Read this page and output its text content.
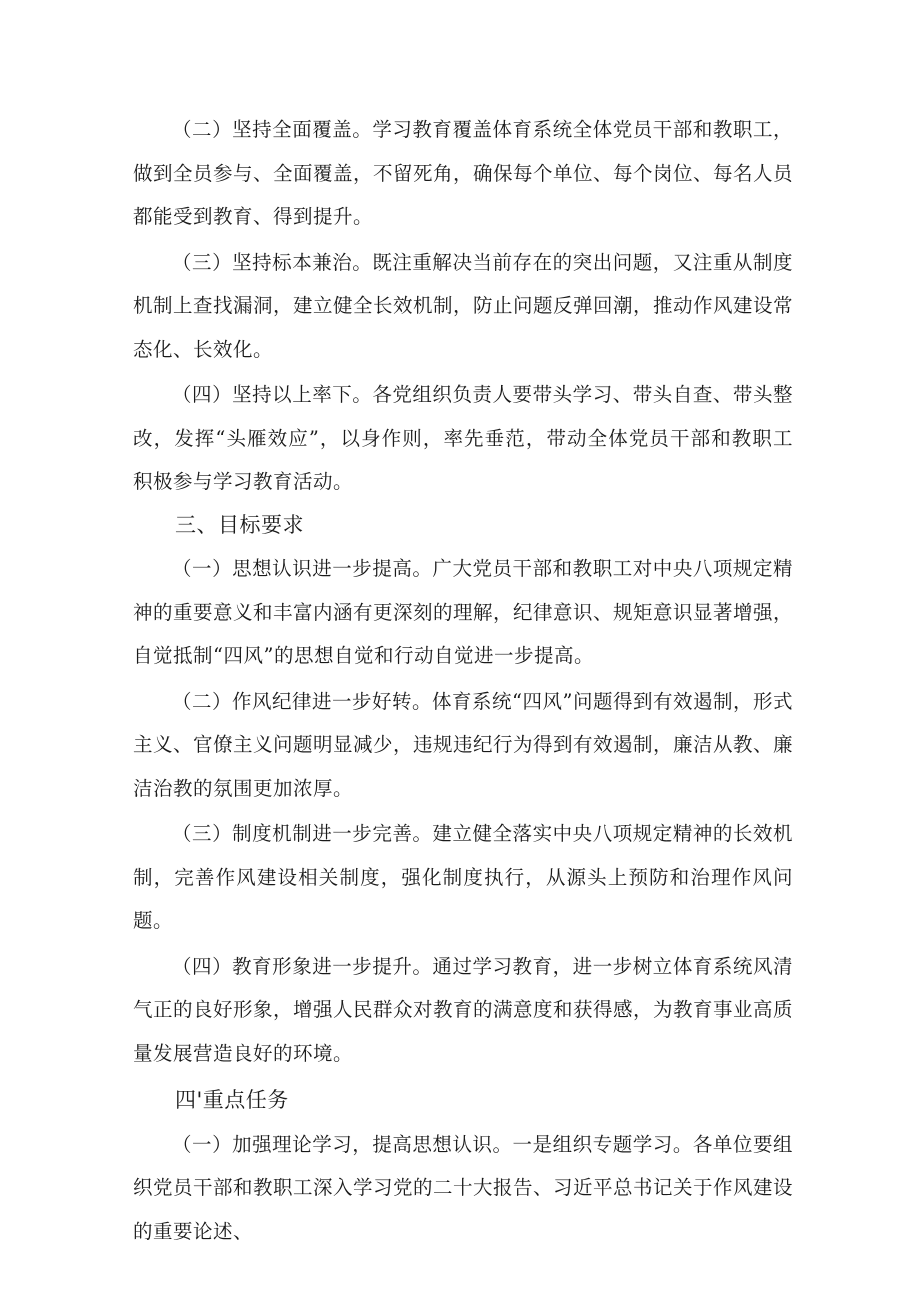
（二）坚持全面覆盖。学习教育覆盖体育系统全体党员干部和教职工，做到全员参与、全面覆盖，不留死角，确保每个单位、每个岗位、每名人员都能受到教育、得到提升。

（三）坚持标本兼治。既注重解决当前存在的突出问题，又注重从制度机制上查找漏洞，建立健全长效机制，防止问题反弹回潮，推动作风建设常态化、长效化。

（四）坚持以上率下。各党组织负责人要带头学习、带头自查、带头整改，发挥“头雁效应”，以身作则，率先垂范，带动全体党员干部和教职工积极参与学习教育活动。

三、目标要求

（一）思想认识进一步提高。广大党员干部和教职工对中央八项规定精神的重要意义和丰富内涵有更深刻的理解，纪律意识、规矩意识显著增强，自觉抵制“四风”的思想自觉和行动自觉进一步提高。

（二）作风纪律进一步好转。体育系统“四风”问题得到有效遏制，形式主义、官僚主义问题明显减少，违规违纪行为得到有效遏制，廉洁从教、廉洁治教的氛围更加浓厚。

（三）制度机制进一步完善。建立健全落实中央八项规定精神的长效机制，完善作风建设相关制度，强化制度执行，从源头上预防和治理作风问题。

（四）教育形象进一步提升。通过学习教育，进一步树立体育系统风清气正的良好形象，增强人民群众对教育的满意度和获得感，为教育事业高质量发展营造良好的环境。

四'重点任务

（一）加强理论学习，提高思想认识。一是组织专题学习。各单位要组织党员干部和教职工深入学习党的二十大报告、习近平总书记关于作风建设的重要论述、
